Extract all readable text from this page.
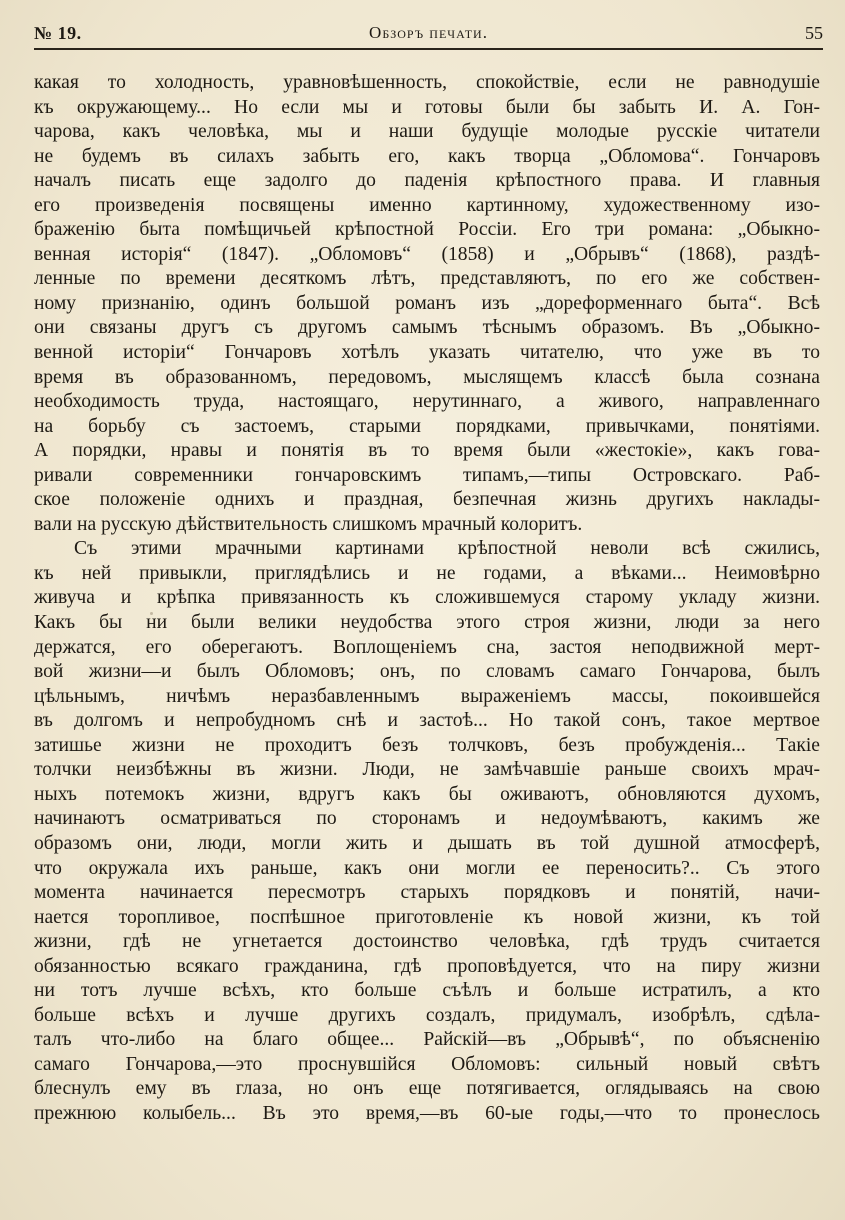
№ 19.	Обзоръ печати.	55
какая то холодность, уравновѣшенность, спокойствіе, если не равнодушіе
къ окружающему... Но если мы и готовы были бы забыть И. А. Гон-
чарова, какъ человѣка, мы и наши будущіе молодые русскіе читатели
не будемъ въ силахъ забыть его, какъ творца „Обломова“. Гончаровъ
началъ писать еще задолго до паденія крѣпостного права. И главныя
его произведенія посвящены именно картинному, художественному изо-
браженію быта помѣщичьей крѣпостной Россіи. Его три романа: „Обыкно-
венная исторія“ (1847). „Обломовъ“ (1858) и „Обрывъ“ (1868), раздѣ-
ленные по времени десяткомъ лѣтъ, представляютъ, по его же собствен-
ному признанію, одинъ большой романъ изъ „дореформеннаго быта“. Всѣ
они связаны другъ съ другомъ самымъ тѣснымъ образомъ. Въ „Обыкно-
венной исторіи“ Гончаровъ хотѣлъ указать читателю, что уже въ то
время въ образованномъ, передовомъ, мыслящемъ классѣ была сознана
необходимость труда, настоящаго, нерутиннаго, а живого, направленнаго
на борьбу съ застоемъ, старыми порядками, привычками, понятіями.
А порядки, нравы и понятія въ то время были «жестокіе», какъ гова-
ривали современники гончаровскимъ типамъ,—типы Островскаго. Раб-
ское положеніе однихъ и праздная, безпечная жизнь другихъ наклады-
вали на русскую дѣйствительность слишкомъ мрачный колоритъ.
Съ этими мрачными картинами крѣпостной неволи всѣ сжились,
къ ней привыкли, приглядѣлись и не годами, а вѣками... Неимовѣрно
живуча и крѣпка привязанность къ сложившемуся старому укладу жизни.
Какъ бы ни были велики неудобства этого строя жизни, люди за него
держатся, его оберегаютъ. Воплощеніемъ сна, застоя неподвижной мерт-
вой жизни—и былъ Обломовъ; онъ, по словамъ самаго Гончарова, былъ
цѣльнымъ, ничѣмъ неразбавленнымъ выраженіемъ массы, покоившейся
въ долгомъ и непробудномъ снѣ и застоѣ... Но такой сонъ, такое мертвое
затишье жизни не проходитъ безъ толчковъ, безъ пробужденія... Такіе
толчки неизбѣжны въ жизни. Люди, не замѣчавшіе раньше своихъ мрач-
ныхъ потемокъ жизни, вдругъ какъ бы оживаютъ, обновляются духомъ,
начинаютъ осматриваться по сторонамъ и недоумѣваютъ, какимъ же
образомъ они, люди, могли жить и дышать въ той душной атмосферѣ,
что окружала ихъ раньше, какъ они могли ее переносить?.. Съ этого
момента начинается пересмотръ старыхъ порядковъ и понятій, начи-
нается торопливое, поспѣшное приготовленіе къ новой жизни, къ той
жизни, гдѣ не угнетается достоинство человѣка, гдѣ трудъ считается
обязанностью всякаго гражданина, гдѣ проповѣдуется, что на пиру жизни
ни тотъ лучше всѣхъ, кто больше съѣлъ и больше истратилъ, а кто
больше всѣхъ и лучше другихъ создалъ, придумалъ, изобрѣлъ, сдѣла-
талъ что-либо на благо общее... Райскій—въ „Обрывѣ“, по объясненію
самаго Гончарова,—это проснувшійся Обломовъ: сильный новый свѣтъ
блеснулъ ему въ глаза, но онъ еще потягивается, оглядываясь на свою
прежнюю колыбель... Въ это время,—въ 60-ые годы,—что то пронеслось
